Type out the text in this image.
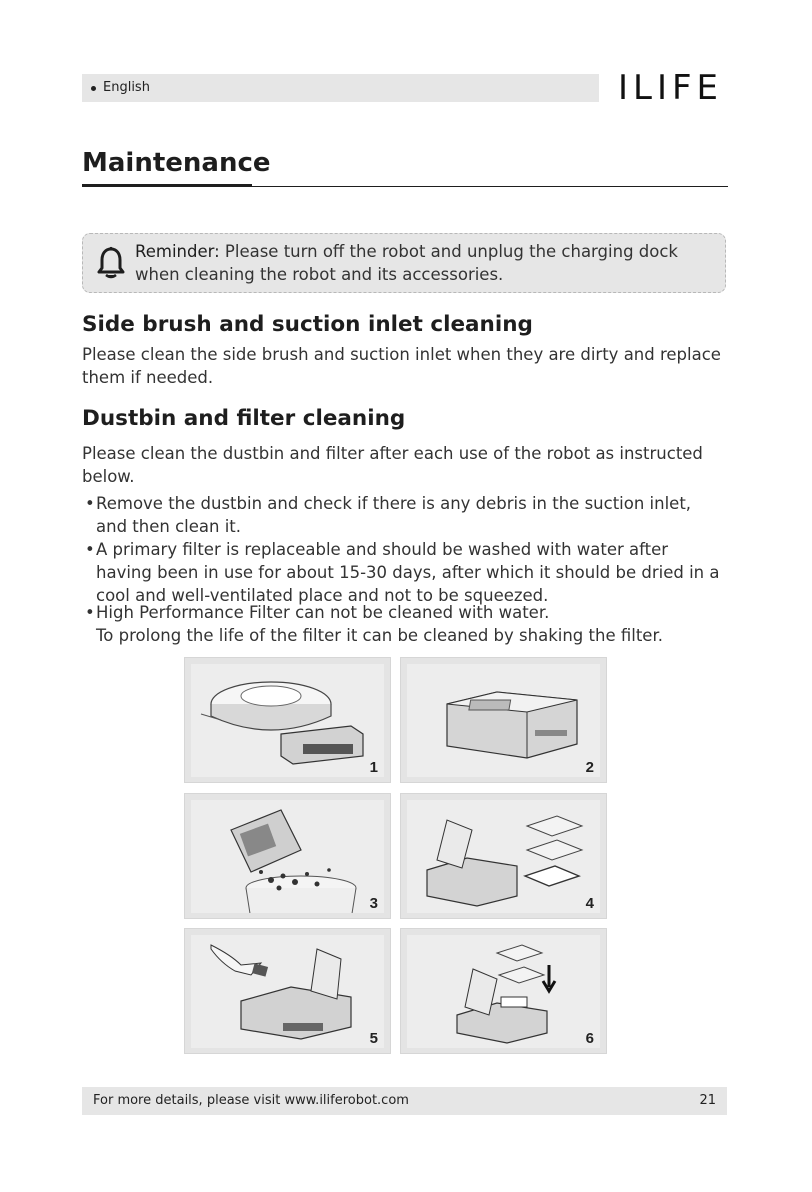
English	ILIFE
Maintenance
Reminder: Please turn off the robot and unplug the charging dock
when cleaning the robot and its accessories.
Side brush and suction inlet cleaning
Please clean the side brush and suction inlet when they are dirty and replace
them if needed.
Dustbin and filter cleaning
Please clean the dustbin and filter after each use of the robot as instructed
below.
• Remove the dustbin and check if there is any debris in the suction inlet,
and then clean it.
• A primary filter is replaceable and should be washed with water after
having been in use for about 15-30 days, after which it should be dried in a
cool and well-ventilated place and not to be squeezed.
• High Performance Filter can not be cleaned with water.
To prolong the life of the filter it can be cleaned by shaking the filter.
1	2
3	4
5	6
For more details, please visit www.iliferobot.com	21
